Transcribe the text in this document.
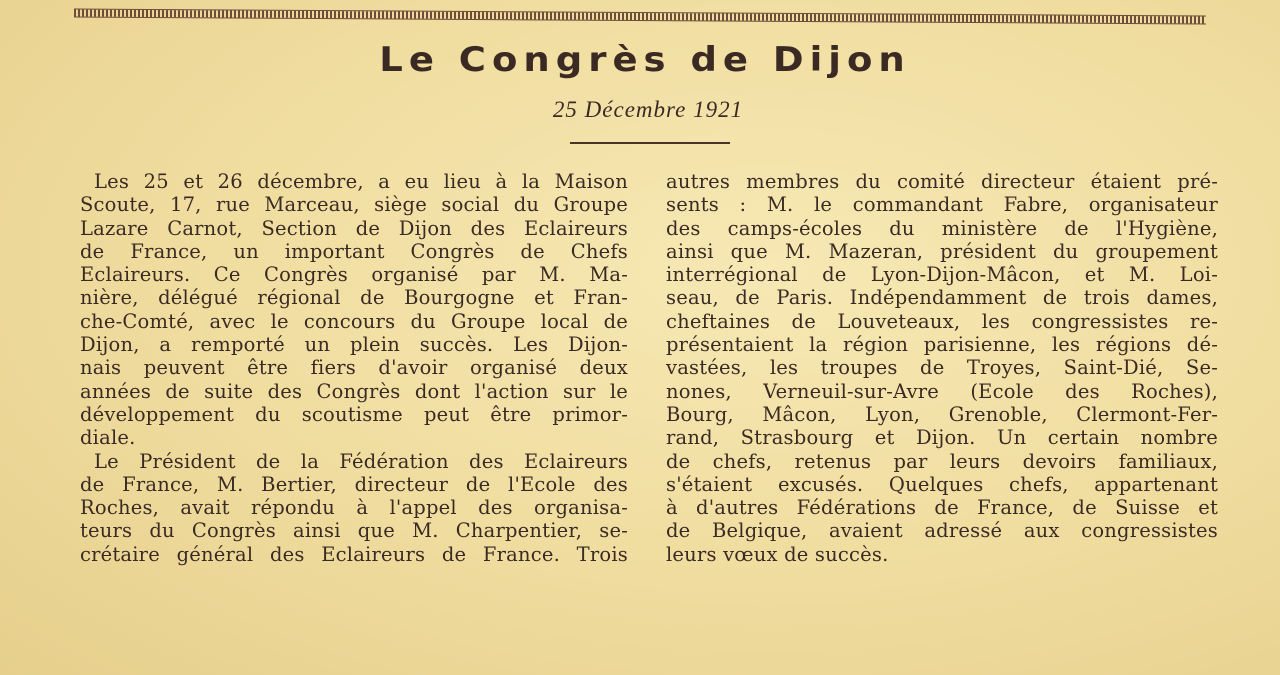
Le Congrès de Dijon
25 Décembre 1921
Les 25 et 26 décembre, a eu lieu à la Maison
Scoute, 17, rue Marceau, siège social du Groupe
Lazare Carnot, Section de Dijon des Eclaireurs
de France, un important Congrès de Chefs
Eclaireurs. Ce Congrès organisé par M. Ma-
nière, délégué régional de Bourgogne et Fran-
che-Comté, avec le concours du Groupe local de
Dijon, a remporté un plein succès. Les Dijon-
nais peuvent être fiers d'avoir organisé deux
années de suite des Congrès dont l'action sur le
développement du scoutisme peut être primor-
diale.
Le Président de la Fédération des Eclaireurs
de France, M. Bertier, directeur de l'Ecole des
Roches, avait répondu à l'appel des organisa-
teurs du Congrès ainsi que M. Charpentier, se-
crétaire général des Eclaireurs de France. Trois
autres membres du comité directeur étaient pré-
sents : M. le commandant Fabre, organisateur
des camps-écoles du ministère de l'Hygiène,
ainsi que M. Mazeran, président du groupement
interrégional de Lyon-Dijon-Mâcon, et M. Loi-
seau, de Paris. Indépendamment de trois dames,
cheftaines de Louveteaux, les congressistes re-
présentaient la région parisienne, les régions dé-
vastées, les troupes de Troyes, Saint-Dié, Se-
nones, Verneuil-sur-Avre (Ecole des Roches),
Bourg, Mâcon, Lyon, Grenoble, Clermont-Fer-
rand, Strasbourg et Dijon. Un certain nombre
de chefs, retenus par leurs devoirs familiaux,
s'étaient excusés. Quelques chefs, appartenant
à d'autres Fédérations de France, de Suisse et
de Belgique, avaient adressé aux congressistes
leurs vœux de succès.
